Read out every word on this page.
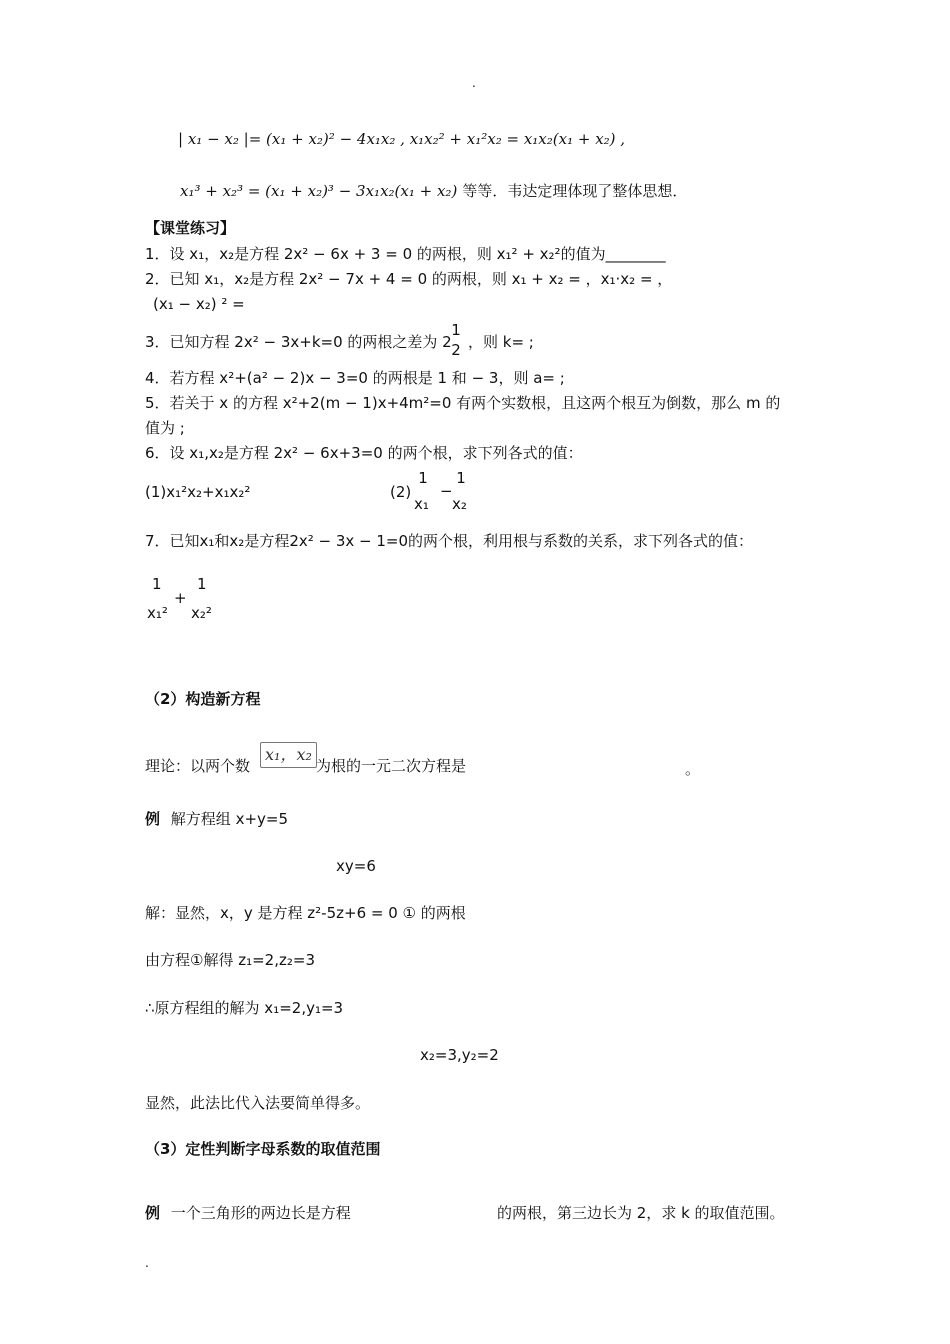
.
| x₁ − x₂ |= (x₁ + x₂)² − 4x₁x₂ , x₁x₂² + x₁²x₂ = x₁x₂(x₁ + x₂) ,
x₁³ + x₂³ = (x₁ + x₂)³ − 3x₁x₂(x₁ + x₂) 等等．韦达定理体现了整体思想．
【课堂练习】
1．设 x₁，x₂是方程 2x² − 6x + 3 = 0 的两根，则 x₁² + x₂²的值为________
2．已知 x₁，x₂是方程 2x² − 7x + 4 = 0 的两根，则 x₁ + x₂ = ，x₁·x₂ = ，
(x₁ − x₂) ² =
3．已知方程 2x² − 3x+k=0 的两根之差为 2
1
2 ，则 k= ;
4．若方程 x²+(a² − 2)x − 3=0 的两根是 1 和 − 3，则 a= ;
5．若关于 x 的方程 x²+2(m − 1)x+4m²=0 有两个实数根，且这两个根互为倒数，那么 m 的
值为 ;
6．设 x₁,x₂是方程 2x² − 6x+3=0 的两个根，求下列各式的值：
(1)x₁²x₂+x₁x₂²	(2)
1
x₁
−
1
x₂
7．已知x₁和x₂是方程2x² − 3x − 1=0的两个根，利用根与系数的关系，求下列各式的值：
1
x₁²
+
1
x₂²
（2）构造新方程
理论：以两个数
x₁，x₂
为根的一元二次方程是	。
例 解方程组 x+y=5
xy=6
解：显然，x，y 是方程 z²-5z+6 = 0 ① 的两根
由方程①解得 z₁=2,z₂=3
∴原方程组的解为 x₁=2,y₁=3
x₂=3,y₂=2
显然，此法比代入法要简单得多。
（3）定性判断字母系数的取值范围
例 一个三角形的两边长是方程	的两根，第三边长为 2，求 k 的取值范围。
.
